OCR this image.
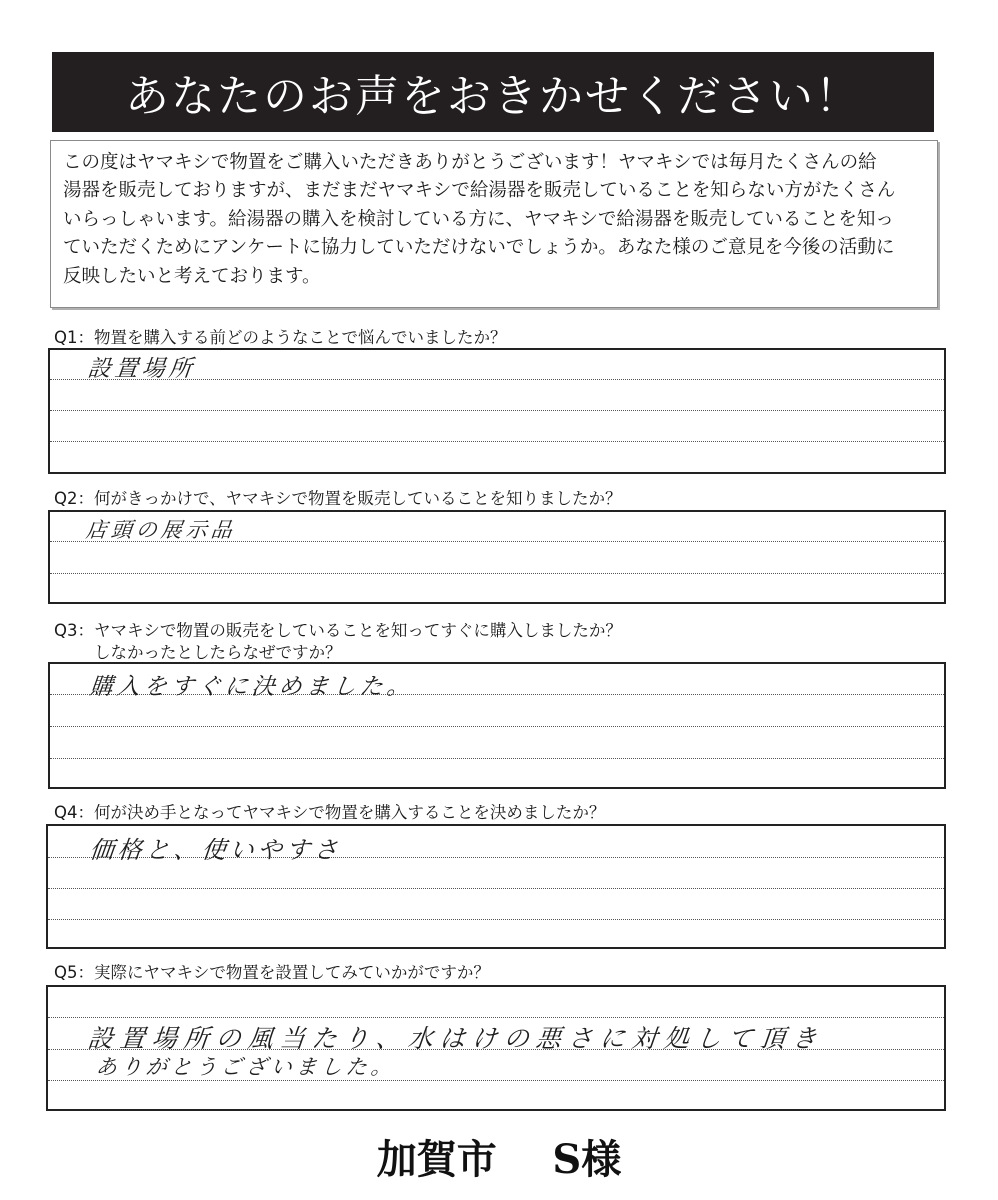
あなたのお声をおきかせください！
この度はヤマキシで物置をご購入いただきありがとうございます！ヤマキシでは毎月たくさんの給
湯器を販売しておりますが、まだまだヤマキシで給湯器を販売していることを知らない方がたくさん
いらっしゃいます。給湯器の購入を検討している方に、ヤマキシで給湯器を販売していることを知っ
ていただくためにアンケートに協力していただけないでしょうか。あなた様のご意見を今後の活動に
反映したいと考えております。
Q1：物置を購入する前どのようなことで悩んでいましたか？
設置場所
Q2：何がきっかけで、ヤマキシで物置を販売していることを知りましたか？
店頭の展示品
Q3：ヤマキシで物置の販売をしていることを知ってすぐに購入しましたか？
しなかったとしたらなぜですか？
購入をすぐに決めました。
Q4：何が決め手となってヤマキシで物置を購入することを決めましたか？
価格と、使いやすさ
Q5：実際にヤマキシで物置を設置してみていかがですか？
設置場所の風当たり、水はけの悪さに対処して頂き
ありがとうございました。
加賀市 S様
